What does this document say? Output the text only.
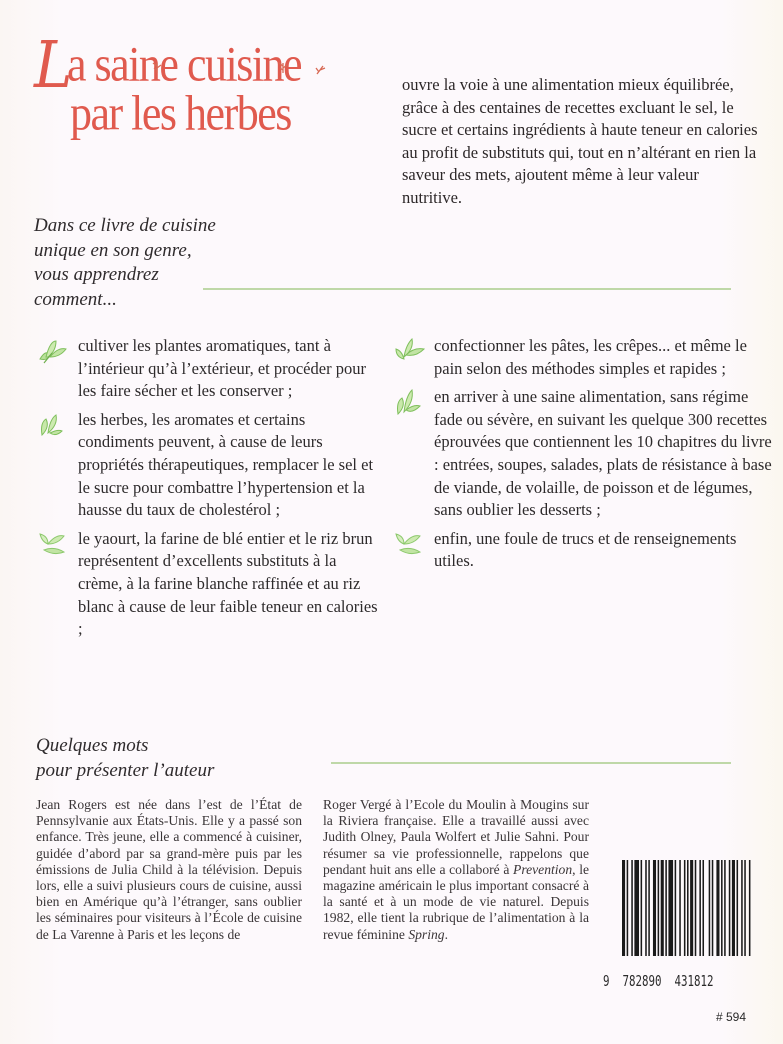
La saine cuisine
par les herbes
ouvre la voie à une alimentation mieux équilibrée, grâce à des centaines de recettes excluant le sel, le sucre et certains ingrédients à haute teneur en calories au profit de substituts qui, tout en n’altérant en rien la saveur des mets, ajoutent même à leur valeur nutritive.
Dans ce livre de cuisine
unique en son genre,
vous apprendrez
comment...
cultiver les plantes aromatiques, tant à l’intérieur qu’à l’extérieur, et procéder pour les faire sécher et les conserver ;
les herbes, les aromates et certains condiments peuvent, à cause de leurs propriétés thérapeutiques, remplacer le sel et le sucre pour combattre l’hypertension et la hausse du taux de cholestérol ;
le yaourt, la farine de blé entier et le riz brun représentent d’excellents substituts à la crème, à la farine blanche raffinée et au riz blanc à cause de leur faible teneur en calories ;
confectionner les pâtes, les crêpes... et même le pain selon des méthodes simples et rapides ;
en arriver à une saine alimentation, sans régime fade ou sévère, en suivant les quelque 300 recettes éprouvées que contiennent les 10 chapitres du livre : entrées, soupes, salades, plats de résistance à base de viande, de volaille, de poisson et de légumes, sans oublier les desserts ;
enfin, une foule de trucs et de renseignements utiles.
Quelques mots
pour présenter l’auteur
Jean Rogers est née dans l’est de l’État de Pennsylvanie aux États-Unis. Elle y a passé son enfance. Très jeune, elle a commencé à cuisiner, guidée d’abord par sa grand-mère puis par les émissions de Julia Child à la télévision. Depuis lors, elle a suivi plusieurs cours de cuisine, aussi bien en Amérique qu’à l’étranger, sans oublier les séminaires pour visiteurs à l’École de cuisine de La Varenne à Paris et les leçons de
Roger Vergé à l’Ecole du Moulin à Mougins sur la Riviera française. Elle a travaillé aussi avec Judith Olney, Paula Wolfert et Julie Sahni. Pour résumer sa vie professionnelle, rappelons que pendant huit ans elle a collaboré à Prevention, le magazine américain le plus important consacré à la santé et à un mode de vie naturel. Depuis 1982, elle tient la rubrique de l’alimentation à la revue féminine Spring.
9  782890  431812
# 594
